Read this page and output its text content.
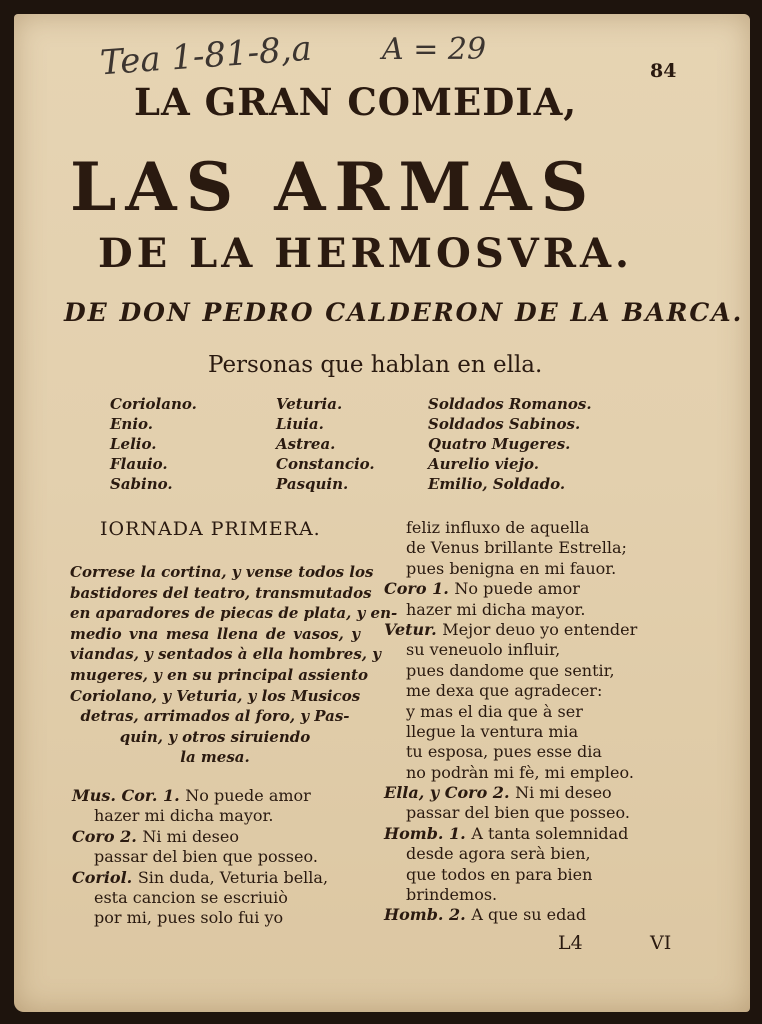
Tea 1-81-8,a A = 29
84
LA GRAN COMEDIA,
LAS ARMAS
DE LA HERMOSVRA.
DE DON PEDRO CALDERON DE LA BARCA.
Personas que hablan en ella.
Coriolano.
Enio.
Lelio.
Flauio.
Sabino.
Veturia.
Liuia.
Astrea.
Constancio.
Pasquin.
Soldados Romanos.
Soldados Sabinos.
Quatro Mugeres.
Aurelio viejo.
Emilio, Soldado.
IORNADA PRIMERA.
Correse la cortina, y vense todos los
bastidores del teatro, transmutados
en aparadores de piecas de plata, y en-
medio vna mesa llena de vasos, y
viandas, y sentados à ella hombres, y
mugeres, y en su principal assiento
Coriolano, y Veturia, y los Musicos
detras, arrimados al foro, y Pas-
quin, y otros siruiendo
la mesa.
Mus. Cor. 1. No puede amor
hazer mi dicha mayor.
Coro 2. Ni mi deseo
passar del bien que posseo.
Coriol. Sin duda, Veturia bella,
esta cancion se escriuiò
por mi, pues solo fui yo
feliz influxo de aquella
de Venus brillante Estrella;
pues benigna en mi fauor.
Coro 1. No puede amor
hazer mi dicha mayor.
Vetur. Mejor deuo yo entender
su veneuolo influir,
pues dandome que sentir,
me dexa que agradecer:
y mas el dia que à ser
llegue la ventura mia
tu esposa, pues esse dia
no podràn mi fè, mi empleo.
Ella, y Coro 2. Ni mi deseo
passar del bien que posseo.
Homb. 1. A tanta solemnidad
desde agora serà bien,
que todos en para bien
brindemos.
Homb. 2. A que su edad
L4	VI
